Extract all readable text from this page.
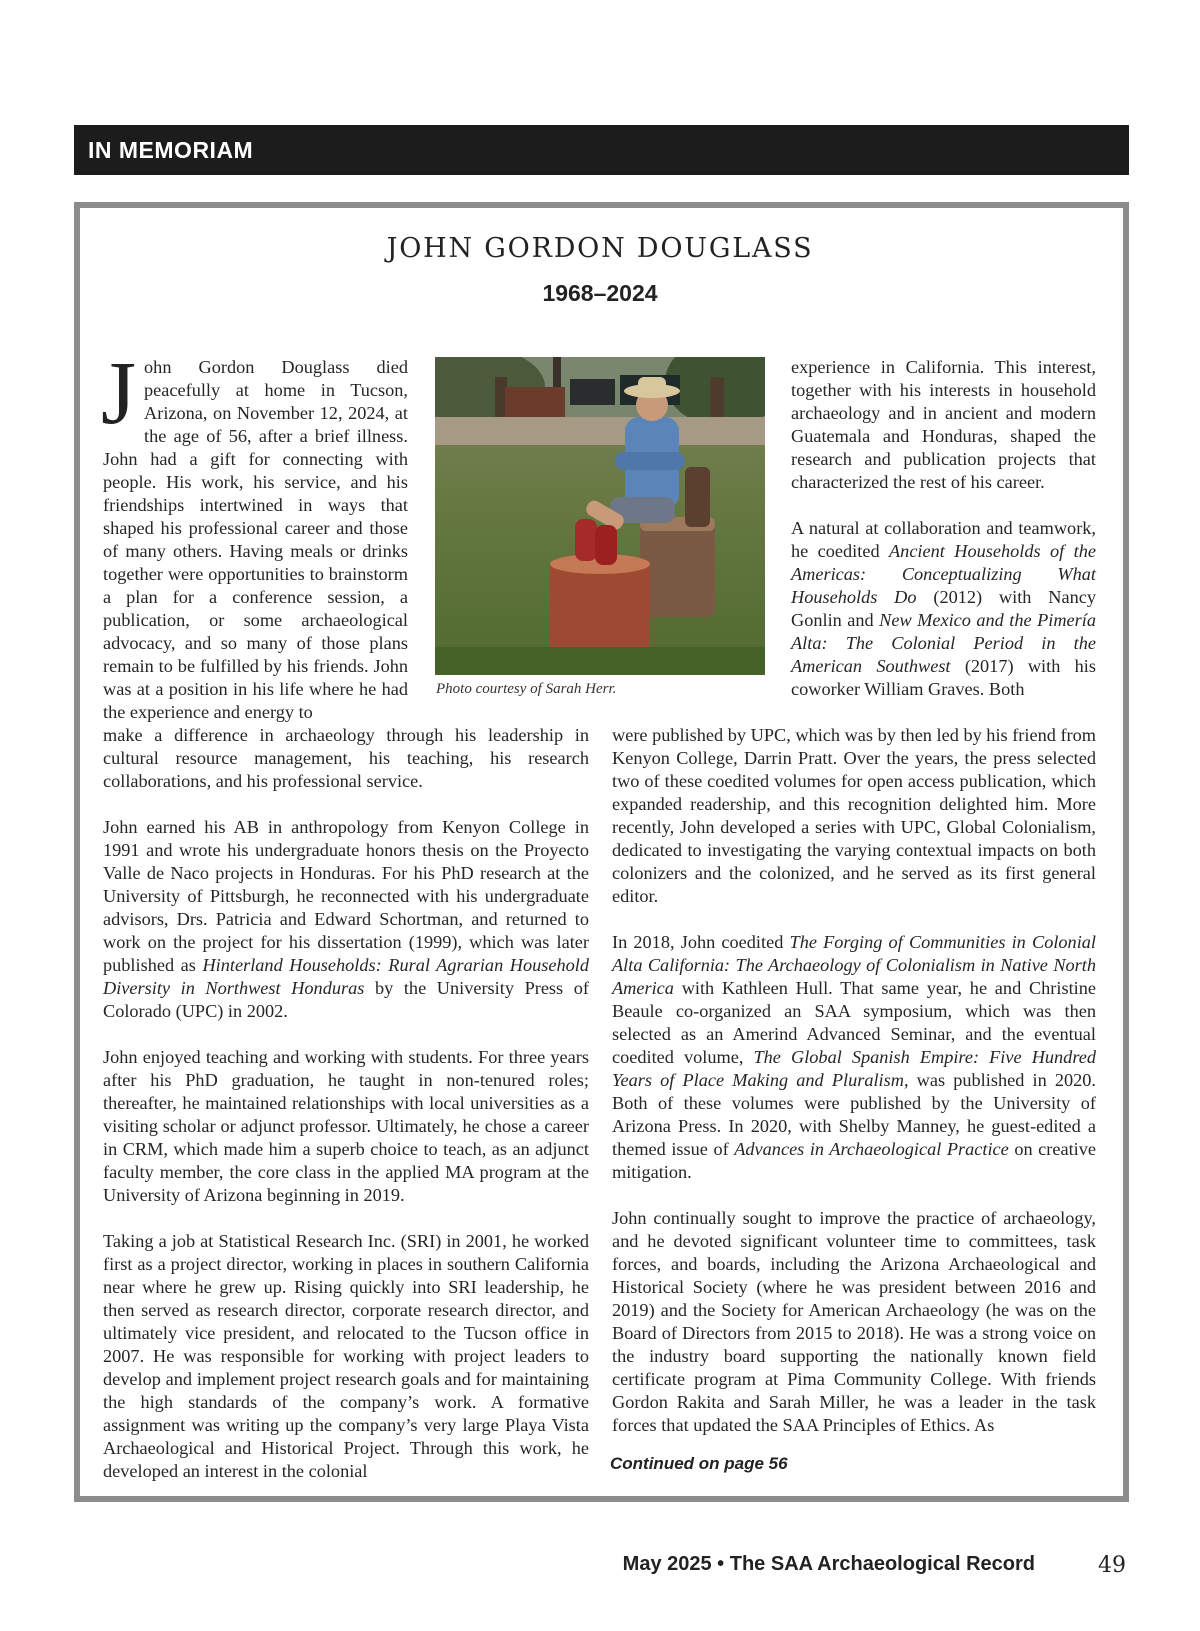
IN MEMORIAM
JOHN GORDON DOUGLASS
1968–2024
John Gordon Douglass died peacefully at home in Tucson, Arizona, on November 12, 2024, at the age of 56, after a brief illness. John had a gift for connecting with people. His work, his service, and his friendships intertwined in ways that shaped his professional career and those of many others. Having meals or drinks together were opportunities to brainstorm a plan for a conference session, a publication, or some archaeological advocacy, and so many of those plans remain to be fulfilled by his friends. John was at a position in his life where he had the experience and energy to
Photo courtesy of Sarah Herr.

make a difference in archaeology through his leadership in cultural resource management, his teaching, his research collaborations, and his professional service.

John earned his AB in anthropology from Kenyon College in 1991 and wrote his undergraduate honors thesis on the Proyecto Valle de Naco projects in Honduras. For his PhD research at the University of Pittsburgh, he reconnected with his undergraduate advisors, Drs. Patricia and Edward Schortman, and returned to work on the project for his dissertation (1999), which was later published as Hinterland Households: Rural Agrarian Household Diversity in Northwest Honduras by the University Press of Colorado (UPC) in 2002.

John enjoyed teaching and working with students. For three years after his PhD graduation, he taught in non-tenured roles; thereafter, he maintained relationships with local universities as a visiting scholar or adjunct professor. Ultimately, he chose a career in CRM, which made him a superb choice to teach, as an adjunct faculty member, the core class in the applied MA program at the University of Arizona beginning in 2019.

Taking a job at Statistical Research Inc. (SRI) in 2001, he worked first as a project director, working in places in southern California near where he grew up. Rising quickly into SRI leadership, he then served as research director, corporate research director, and ultimately vice president, and relocated to the Tucson office in 2007. He was responsible for working with project leaders to develop and implement project research goals and for maintaining the high standards of the company’s work. A formative assignment was writing up the company’s very large Playa Vista Archaeological and Historical Project. Through this work, he developed an interest in the colonial

experience in California. This interest, together with his interests in household archaeology and in ancient and modern Guatemala and Honduras, shaped the research and publication projects that characterized the rest of his career.

A natural at collaboration and teamwork, he coedited Ancient Households of the Americas: Conceptualizing What Households Do (2012) with Nancy Gonlin and New Mexico and the Pimería Alta: The Colonial Period in the American Southwest (2017) with his coworker William Graves. Both

were published by UPC, which was by then led by his friend from Kenyon College, Darrin Pratt. Over the years, the press selected two of these coedited volumes for open access publication, which expanded readership, and this recognition delighted him. More recently, John developed a series with UPC, Global Colonialism, dedicated to investigating the varying contextual impacts on both colonizers and the colonized, and he served as its first general editor.

In 2018, John coedited The Forging of Communities in Colonial Alta California: The Archaeology of Colonialism in Native North America with Kathleen Hull. That same year, he and Christine Beaule co-organized an SAA symposium, which was then selected as an Amerind Advanced Seminar, and the eventual coedited volume, The Global Spanish Empire: Five Hundred Years of Place Making and Pluralism, was published in 2020. Both of these volumes were published by the University of Arizona Press. In 2020, with Shelby Manney, he guest-edited a themed issue of Advances in Archaeological Practice on creative mitigation.

John continually sought to improve the practice of archaeology, and he devoted significant volunteer time to committees, task forces, and boards, including the Arizona Archaeological and Historical Society (where he was president between 2016 and 2019) and the Society for American Archaeology (he was on the Board of Directors from 2015 to 2018). He was a strong voice on the industry board supporting the nationally known field certificate program at Pima Community College. With friends Gordon Rakita and Sarah Miller, he was a leader in the task forces that updated the SAA Principles of Ethics. As

Continued on page 56
May 2025 • The SAA Archaeological Record	49
